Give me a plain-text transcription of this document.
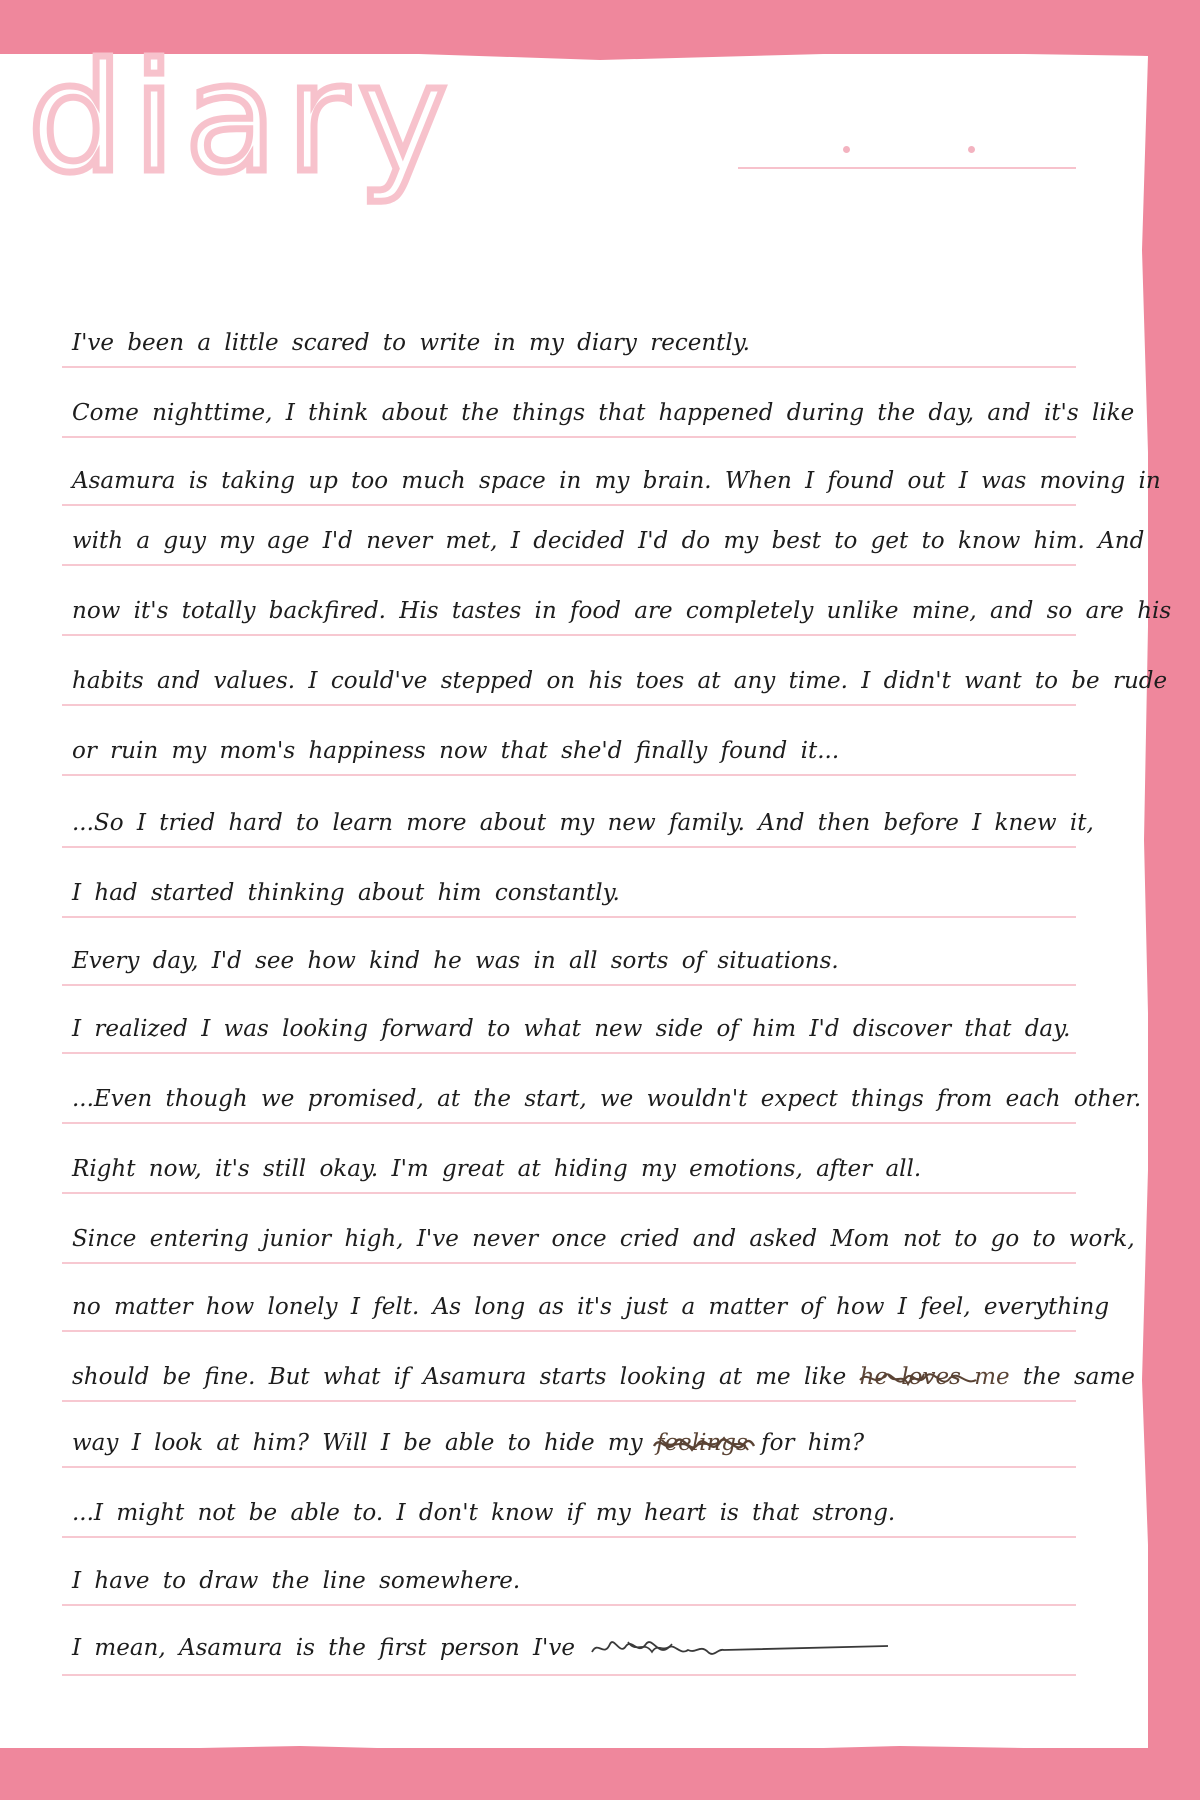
diary
I've been a little scared to write in my diary recently.
Come nighttime, I think about the things that happened during the day, and it's like
Asamura is taking up too much space in my brain. When I found out I was moving in
with a guy my age I'd never met, I decided I'd do my best to get to know him. And
now it's totally backfired. His tastes in food are completely unlike mine, and so are his
habits and values. I could've stepped on his toes at any time. I didn't want to be rude
or ruin my mom's happiness now that she'd finally found it...
...So I tried hard to learn more about my new family. And then before I knew it,
I had started thinking about him constantly.
Every day, I'd see how kind he was in all sorts of situations.
I realized I was looking forward to what new side of him I'd discover that day.
...Even though we promised, at the start, we wouldn't expect things from each other.
Right now, it's still okay. I'm great at hiding my emotions, after all.
Since entering junior high, I've never once cried and asked Mom not to go to work,
no matter how lonely I felt. As long as it's just a matter of how I feel, everything
should be fine. But what if Asamura starts looking at me like he loves me the same
way I look at him? Will I be able to hide my feelings for him?
...I might not be able to. I don't know if my heart is that strong.
I have to draw the line somewhere.
I mean, Asamura is the first person I've
